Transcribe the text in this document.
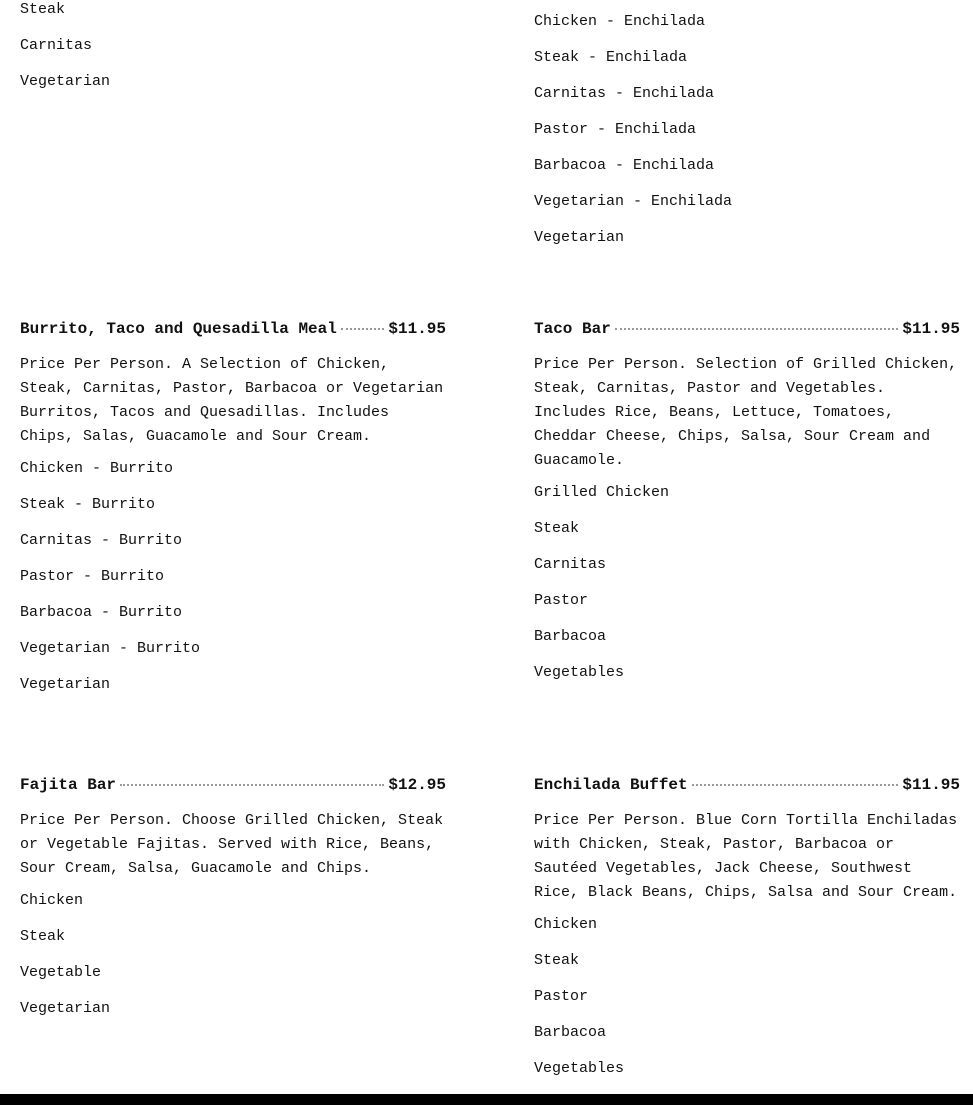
Steak
Carnitas
Vegetarian
Chicken - Enchilada
Steak - Enchilada
Carnitas - Enchilada
Pastor - Enchilada
Barbacoa - Enchilada
Vegetarian - Enchilada
Vegetarian
Burrito, Taco and Quesadilla Meal	$11.95
Price Per Person. A Selection of Chicken, Steak, Carnitas, Pastor, Barbacoa or Vegetarian Burritos, Tacos and Quesadillas. Includes Chips, Salas, Guacamole and Sour Cream.
Chicken - Burrito
Steak - Burrito
Carnitas - Burrito
Pastor - Burrito
Barbacoa - Burrito
Vegetarian - Burrito
Vegetarian
Taco Bar	$11.95
Price Per Person. Selection of Grilled Chicken, Steak, Carnitas, Pastor and Vegetables. Includes Rice, Beans, Lettuce, Tomatoes, Cheddar Cheese, Chips, Salsa, Sour Cream and Guacamole.
Grilled Chicken
Steak
Carnitas
Pastor
Barbacoa
Vegetables
Fajita Bar	$12.95
Price Per Person. Choose Grilled Chicken, Steak or Vegetable Fajitas. Served with Rice, Beans, Sour Cream, Salsa, Guacamole and Chips.
Chicken
Steak
Vegetable
Vegetarian
Enchilada Buffet	$11.95
Price Per Person. Blue Corn Tortilla Enchiladas with Chicken, Steak, Pastor, Barbacoa or Sautéed Vegetables, Jack Cheese, Southwest Rice, Black Beans, Chips, Salsa and Sour Cream.
Chicken
Steak
Pastor
Barbacoa
Vegetables
